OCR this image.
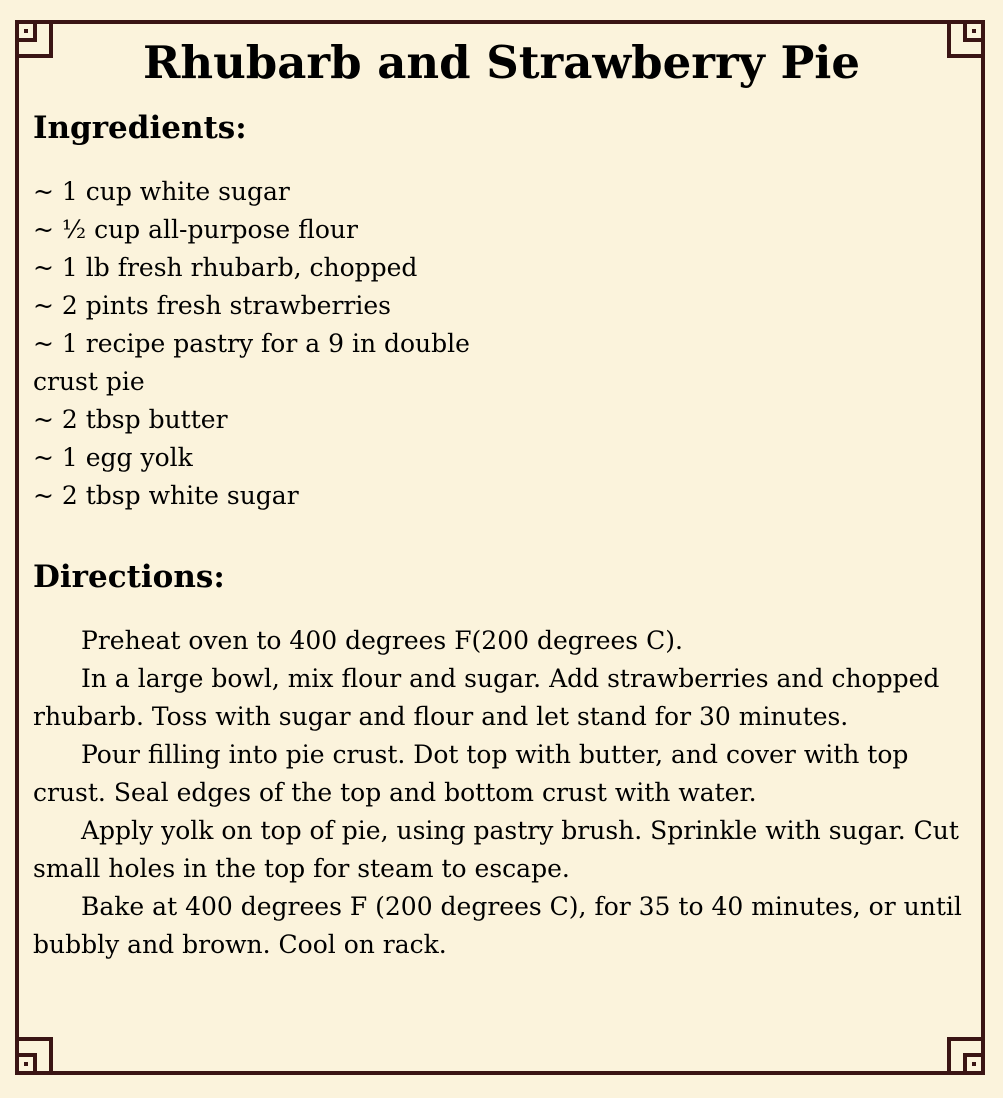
Rhubarb and Strawberry Pie
Ingredients:
~ 1 cup white sugar
~ ½ cup all-purpose flour
~ 1 lb fresh rhubarb, chopped
~ 2 pints fresh strawberries
~ 1 recipe pastry for a 9 in double crust pie
~ 2 tbsp butter
~ 1 egg yolk
~ 2 tbsp white sugar
Directions:

Preheat oven to 400 degrees F(200 degrees C).

In a large bowl, mix flour and sugar. Add strawberries and chopped rhubarb. Toss with sugar and flour and let stand for 30 minutes.

Pour filling into pie crust. Dot top with butter, and cover with top crust. Seal edges of the top and bottom crust with water.

Apply yolk on top of pie, using pastry brush. Sprinkle with sugar. Cut small holes in the top for steam to escape.

Bake at 400 degrees F (200 degrees C), for 35 to 40 minutes, or until bubbly and brown. Cool on rack.
